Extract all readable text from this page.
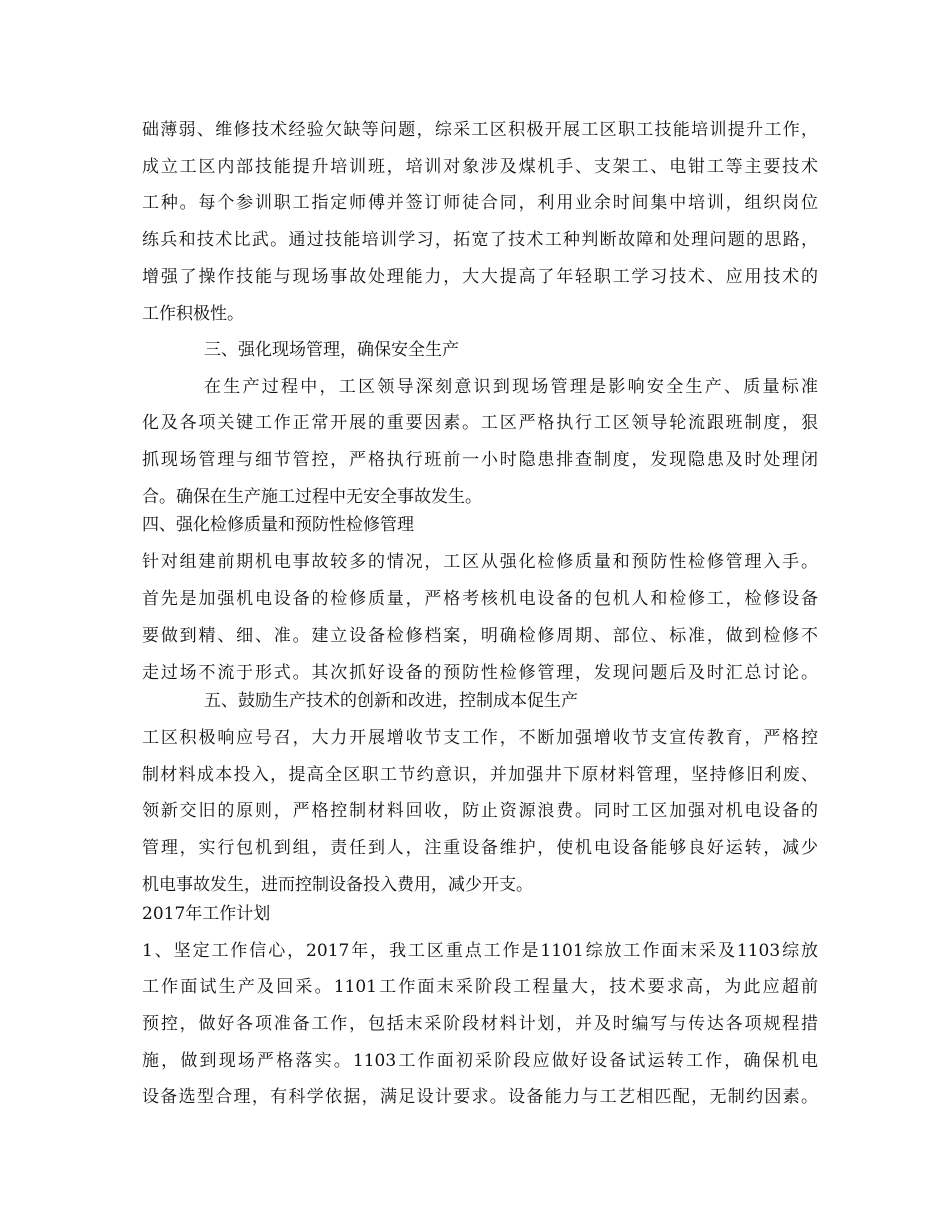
础薄弱、维修技术经验欠缺等问题，综采工区积极开展工区职工技能培训提升工作，
成立工区内部技能提升培训班，培训对象涉及煤机手、支架工、电钳工等主要技术
工种。每个参训职工指定师傅并签订师徒合同，利用业余时间集中培训，组织岗位
练兵和技术比武。通过技能培训学习，拓宽了技术工种判断故障和处理问题的思路，
增强了操作技能与现场事故处理能力，大大提高了年轻职工学习技术、应用技术的
工作积极性。
三、强化现场管理，确保安全生产
在生产过程中，工区领导深刻意识到现场管理是影响安全生产、质量标准
化及各项关键工作正常开展的重要因素。工区严格执行工区领导轮流跟班制度，狠
抓现场管理与细节管控，严格执行班前一小时隐患排查制度，发现隐患及时处理闭
合。确保在生产施工过程中无安全事故发生。
四、强化检修质量和预防性检修管理
针对组建前期机电事故较多的情况，工区从强化检修质量和预防性检修管理入手。
首先是加强机电设备的检修质量，严格考核机电设备的包机人和检修工，检修设备
要做到精、细、准。建立设备检修档案，明确检修周期、部位、标准，做到检修不
走过场不流于形式。其次抓好设备的预防性检修管理，发现问题后及时汇总讨论。
五、鼓励生产技术的创新和改进，控制成本促生产
工区积极响应号召，大力开展增收节支工作，不断加强增收节支宣传教育，严格控
制材料成本投入，提高全区职工节约意识，并加强井下原材料管理，坚持修旧利废、
领新交旧的原则，严格控制材料回收，防止资源浪费。同时工区加强对机电设备的
管理，实行包机到组，责任到人，注重设备维护，使机电设备能够良好运转，减少
机电事故发生，进而控制设备投入费用，减少开支。
2017年工作计划
1、坚定工作信心，2017年，我工区重点工作是1101综放工作面末采及1103综放
工作面试生产及回采。1101工作面末采阶段工程量大，技术要求高，为此应超前
预控，做好各项准备工作，包括末采阶段材料计划，并及时编写与传达各项规程措
施，做到现场严格落实。1103工作面初采阶段应做好设备试运转工作，确保机电
设备选型合理，有科学依据，满足设计要求。设备能力与工艺相匹配，无制约因素。
